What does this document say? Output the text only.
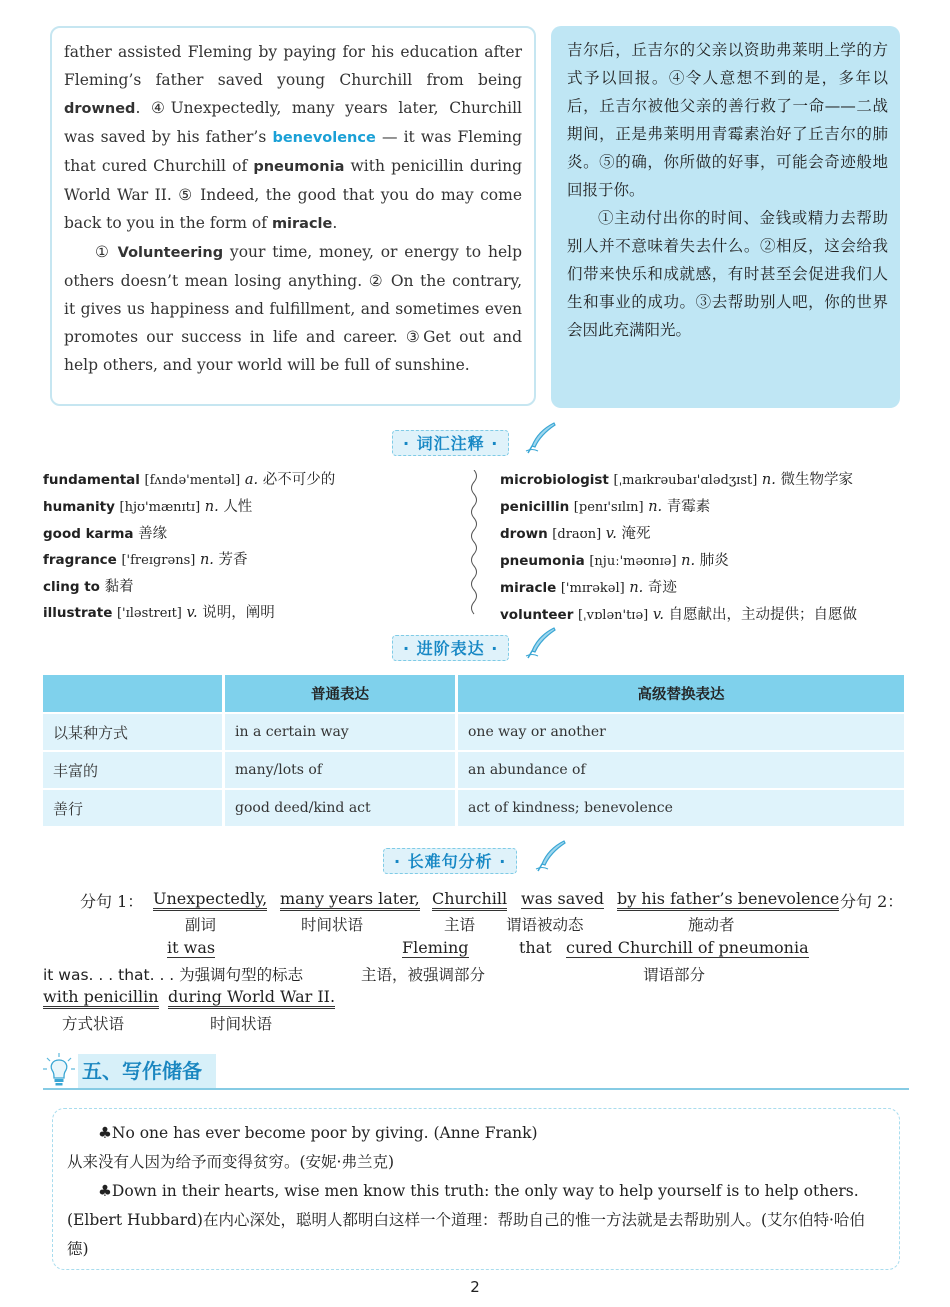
father assisted Fleming by paying for his education after Fleming’s father saved young Churchill from being drowned. ④Unexpectedly, many years later, Churchill was saved by his father’s benevolence — it was Fleming that cured Churchill of pneumonia with penicillin during World War II. ⑤ Indeed, the good that you do may come back to you in the form of miracle.

① Volunteering your time, money, or energy to help others doesn’t mean losing anything. ② On the contrary, it gives us happiness and fulfillment, and sometimes even promotes our success in life and career. ③Get out and help others, and your world will be full of sunshine.

吉尔后，丘吉尔的父亲以资助弗莱明上学的方式予以回报。④令人意想不到的是，多年以后，丘吉尔被他父亲的善行救了一命——二战期间，正是弗莱明用青霉素治好了丘吉尔的肺炎。⑤的确，你所做的好事，可能会奇迹般地回报于你。

①主动付出你的时间、金钱或精力去帮助别人并不意味着失去什么。②相反，这会给我们带来快乐和成就感，有时甚至会促进我们人生和事业的成功。③去帮助别人吧，你的世界会因此充满阳光。

· 词汇注释 ·
fundamental [fʌndə'mentəl] a. 必不可少的
humanity [hjʊ'mænɪtɪ] n. 人性
good karma 善缘
fragrance ['freɪgrəns] n. 芳香
cling to 黏着
illustrate ['ɪləstreɪt] v. 说明，阐明
microbiologist [ˌmaɪkrəubaɪ'ɑlədʒɪst] n. 微生物学家
penicillin [penɪ'sɪlɪn] n. 青霉素
drown [draʊn] v. 淹死
pneumonia [njuː'məʊnɪə] n. 肺炎
miracle ['mɪrəkəl] n. 奇迹
volunteer [ˌvɒlən'tɪə] v. 自愿献出，主动提供；自愿做
· 进阶表达 ·
	普通表达	高级替换表达
以某种方式	in a certain way	one way or another
丰富的	many/lots of	an abundance of
善行	good deed/kind act	act of kindness; benevolence
· 长难句分析 ·
分句 1： Unexpectedly,
副词
many years later,
时间状语
Churchill
主语
was saved
谓语被动态
by his father’s benevolence
施动者
分句 2：
it was
it was. . . that. . . 为强调句型的标志
Fleming
主语，被强调部分
that cured Churchill of pneumonia
谓语部分
with penicillin
方式状语
during World War II.
时间状语
五、写作储备

♣No one has ever become poor by giving. (Anne Frank)

从来没有人因为给予而变得贫穷。(安妮·弗兰克)

♣Down in their hearts, wise men know this truth: the only way to help yourself is to help others. (Elbert Hubbard)在内心深处，聪明人都明白这样一个道理：帮助自己的惟一方法就是去帮助别人。(艾尔伯特·哈伯德)

2
